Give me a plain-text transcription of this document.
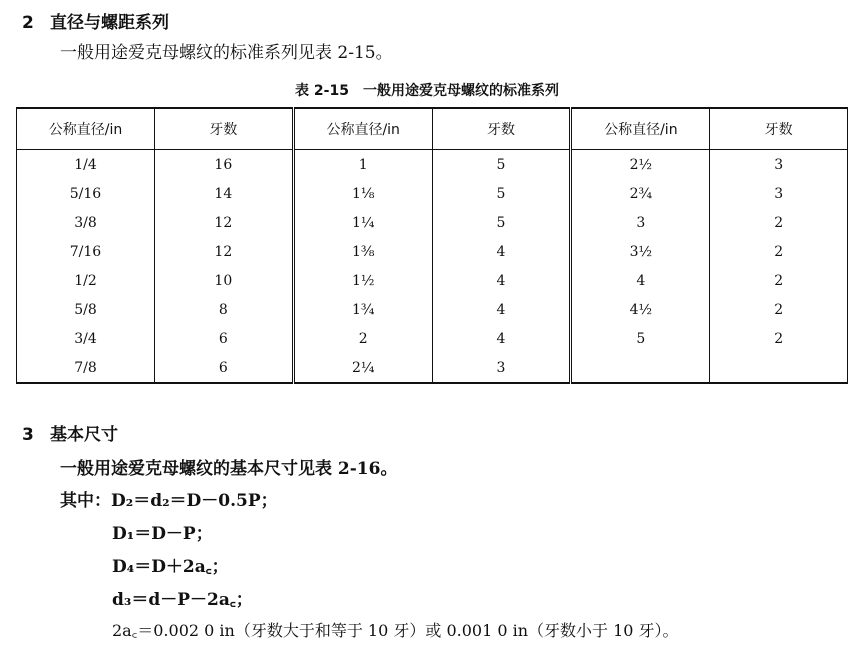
2 直径与螺距系列
一般用途爱克母螺纹的标准系列见表 2-15。
表 2-15 一般用途爱克母螺纹的标准系列
公称直径/in	牙数	公称直径/in	牙数	公称直径/in	牙数
1/4	16	1	5	2½	3
5/16	14	1⅛	5	2¾	3
3/8	12	1¼	5	3	2
7/16	12	1⅜	4	3½	2
1/2	10	1½	4	4	2
5/8	8	1¾	4	4½	2
3/4	6	2	4	5	2
7/8	6	2¼	3		
3 基本尺寸
一般用途爱克母螺纹的基本尺寸见表 2-16。
其中：D₂＝d₂＝D－0.5P；
D₁＝D－P；
D₄＝D＋2a꜀；
d₃＝d－P－2a꜀；
2a꜀＝0.002 0 in（牙数大于和等于 10 牙）或 0.001 0 in（牙数小于 10 牙）。
